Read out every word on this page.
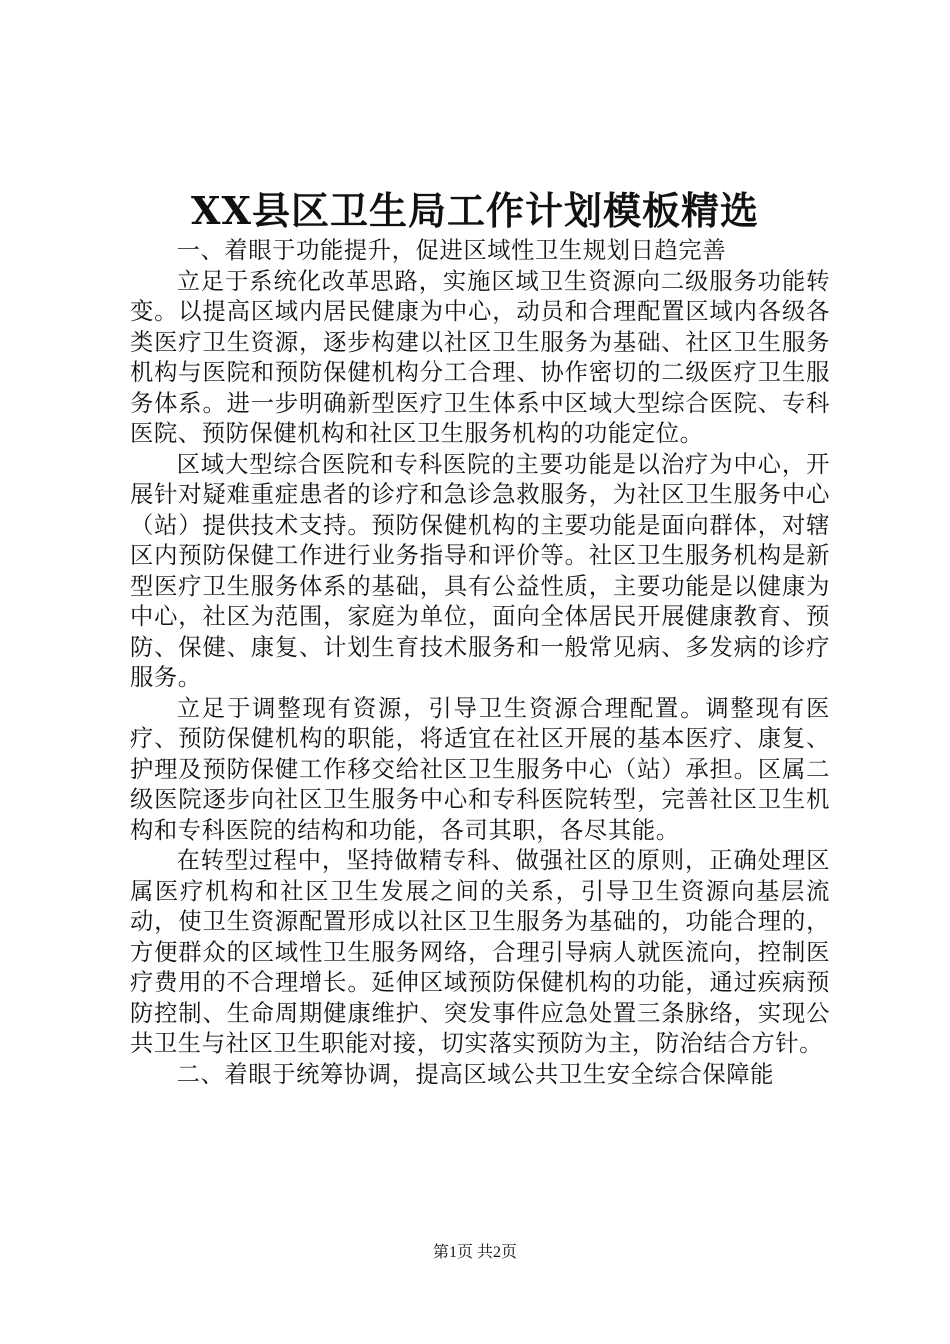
XX县区卫生局工作计划模板精选

一、着眼于功能提升，促进区域性卫生规划日趋完善

立足于系统化改革思路，实施区域卫生资源向二级服务功能转变。以提高区域内居民健康为中心，动员和合理配置区域内各级各类医疗卫生资源，逐步构建以社区卫生服务为基础、社区卫生服务机构与医院和预防保健机构分工合理、协作密切的二级医疗卫生服务体系。进一步明确新型医疗卫生体系中区域大型综合医院、专科医院、预防保健机构和社区卫生服务机构的功能定位。

区域大型综合医院和专科医院的主要功能是以治疗为中心，开展针对疑难重症患者的诊疗和急诊急救服务，为社区卫生服务中心（站）提供技术支持。预防保健机构的主要功能是面向群体，对辖区内预防保健工作进行业务指导和评价等。社区卫生服务机构是新型医疗卫生服务体系的基础，具有公益性质，主要功能是以健康为中心，社区为范围，家庭为单位，面向全体居民开展健康教育、预防、保健、康复、计划生育技术服务和一般常见病、多发病的诊疗服务。

立足于调整现有资源，引导卫生资源合理配置。调整现有医疗、预防保健机构的职能，将适宜在社区开展的基本医疗、康复、护理及预防保健工作移交给社区卫生服务中心（站）承担。区属二级医院逐步向社区卫生服务中心和专科医院转型，完善社区卫生机构和专科医院的结构和功能，各司其职，各尽其能。

在转型过程中，坚持做精专科、做强社区的原则，正确处理区属医疗机构和社区卫生发展之间的关系，引导卫生资源向基层流动，使卫生资源配置形成以社区卫生服务为基础的，功能合理的，方便群众的区域性卫生服务网络，合理引导病人就医流向，控制医疗费用的不合理增长。延伸区域预防保健机构的功能，通过疾病预防控制、生命周期健康维护、突发事件应急处置三条脉络，实现公共卫生与社区卫生职能对接，切实落实预防为主，防治结合方针。

二、着眼于统筹协调，提高区域公共卫生安全综合保障能

第1页 共2页
